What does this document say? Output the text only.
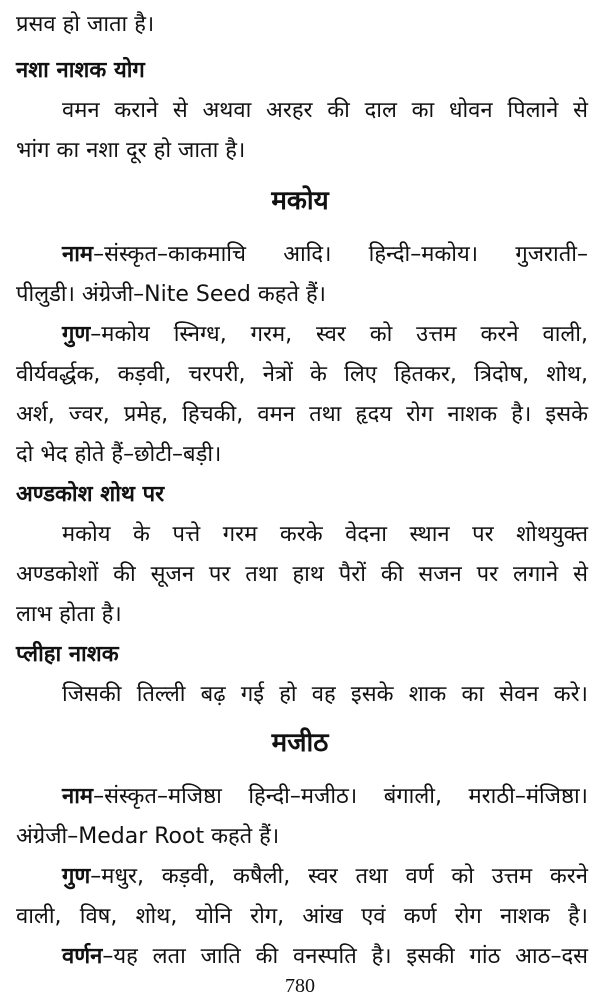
प्रसव हो जाता है।
नशा नाशक योग
वमन कराने से अथवा अरहर की दाल का धोवन पिलाने से
भांग का नशा दूर हो जाता है।
मकोय
नाम–संस्कृत–काकमाचि आदि। हिन्दी–मकोय। गुजराती–
पीलुडी। अंग्रेजी–Nite Seed कहते हैं।
गुण–मकोय स्निग्ध, गरम, स्वर को उत्तम करने वाली,
वीर्यवर्द्धक, कड़वी, चरपरी, नेत्रों के लिए हितकर, त्रिदोष, शोथ,
अर्श, ज्वर, प्रमेह, हिचकी, वमन तथा हृदय रोग नाशक है। इसके
दो भेद होते हैं–छोटी–बड़ी।
अण्डकोश शोथ पर
मकोय के पत्ते गरम करके वेदना स्थान पर शोथयुक्त
अण्डकोशों की सूजन पर तथा हाथ पैरों की सजन पर लगाने से
लाभ होता है।
प्लीहा नाशक
जिसकी तिल्ली बढ़ गई हो वह इसके शाक का सेवन करे।
मजीठ
नाम–संस्कृत–मजिष्ठा हिन्दी–मजीठ। बंगाली, मराठी–मंजिष्ठा।
अंग्रेजी–Medar Root कहते हैं।
गुण–मधुर, कड़वी, कषैली, स्वर तथा वर्ण को उत्तम करने
वाली, विष, शोथ, योनि रोग, आंख एवं कर्ण रोग नाशक है।
वर्णन–यह लता जाति की वनस्पति है। इसकी गांठ आठ–दस
780
